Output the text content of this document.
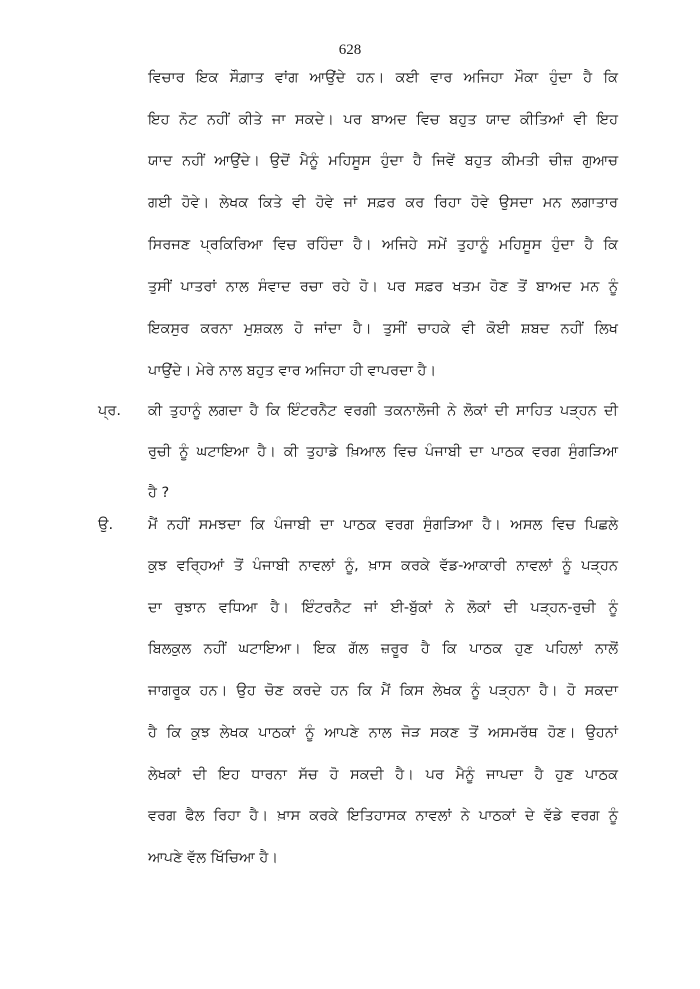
628
ਵਿਚਾਰ ਇਕ ਸੌਗ਼ਾਤ ਵਾਂਗ ਆਉਂਦੇ ਹਨ। ਕਈ ਵਾਰ ਅਜਿਹਾ ਮੌਕਾ ਹੁੰਦਾ ਹੈ ਕਿ
ਇਹ ਨੋਟ ਨਹੀਂ ਕੀਤੇ ਜਾ ਸਕਦੇ। ਪਰ ਬਾਅਦ ਵਿਚ ਬਹੁਤ ਯਾਦ ਕੀਤਿਆਂ ਵੀ ਇਹ
ਯਾਦ ਨਹੀਂ ਆਉਂਦੇ। ਉਦੋਂ ਮੈਨੂੰ ਮਹਿਸੂਸ ਹੁੰਦਾ ਹੈ ਜਿਵੇਂ ਬਹੁਤ ਕੀਮਤੀ ਚੀਜ਼ ਗੁਆਚ
ਗਈ ਹੋਵੇ। ਲੇਖਕ ਕਿਤੇ ਵੀ ਹੋਵੇ ਜਾਂ ਸਫ਼ਰ ਕਰ ਰਿਹਾ ਹੋਵੇ ਉਸਦਾ ਮਨ ਲਗਾਤਾਰ
ਸਿਰਜਣ ਪ੍ਰਕਿਰਿਆ ਵਿਚ ਰਹਿੰਦਾ ਹੈ। ਅਜਿਹੇ ਸਮੇਂ ਤੁਹਾਨੂੰ ਮਹਿਸੂਸ ਹੁੰਦਾ ਹੈ ਕਿ
ਤੁਸੀਂ ਪਾਤਰਾਂ ਨਾਲ ਸੰਵਾਦ ਰਚਾ ਰਹੇ ਹੋ। ਪਰ ਸਫ਼ਰ ਖਤਮ ਹੋਣ ਤੋਂ ਬਾਅਦ ਮਨ ਨੂੰ
ਇਕਸੁਰ ਕਰਨਾ ਮੁਸ਼ਕਲ ਹੋ ਜਾਂਦਾ ਹੈ। ਤੁਸੀਂ ਚਾਹਕੇ ਵੀ ਕੋਈ ਸ਼ਬਦ ਨਹੀਂ ਲਿਖ
ਪਾਉਂਦੇ। ਮੇਰੇ ਨਾਲ ਬਹੁਤ ਵਾਰ ਅਜਿਹਾ ਹੀ ਵਾਪਰਦਾ ਹੈ।
ਪ੍ਰ. ਕੀ ਤੁਹਾਨੂੰ ਲਗਦਾ ਹੈ ਕਿ ਇੰਟਰਨੈਟ ਵਰਗੀ ਤਕਨਾਲੋਜੀ ਨੇ ਲੋਕਾਂ ਦੀ ਸਾਹਿਤ ਪੜ੍ਹਨ ਦੀ
ਰੁਚੀ ਨੂੰ ਘਟਾਇਆ ਹੈ। ਕੀ ਤੁਹਾਡੇ ਖ਼ਿਆਲ ਵਿਚ ਪੰਜਾਬੀ ਦਾ ਪਾਠਕ ਵਰਗ ਸੁੰਗੜਿਆ
ਹੈ ?
ਉ. ਮੈਂ ਨਹੀਂ ਸਮਝਦਾ ਕਿ ਪੰਜਾਬੀ ਦਾ ਪਾਠਕ ਵਰਗ ਸੁੰਗੜਿਆ ਹੈ। ਅਸਲ ਵਿਚ ਪਿਛਲੇ
ਕੁਝ ਵਰ੍ਹਿਆਂ ਤੋਂ ਪੰਜਾਬੀ ਨਾਵਲਾਂ ਨੂੰ, ਖ਼ਾਸ ਕਰਕੇ ਵੱਡ-ਆਕਾਰੀ ਨਾਵਲਾਂ ਨੂੰ ਪੜ੍ਹਨ
ਦਾ ਰੁਝਾਨ ਵਧਿਆ ਹੈ। ਇੰਟਰਨੈਟ ਜਾਂ ਈ-ਬੁੱਕਾਂ ਨੇ ਲੋਕਾਂ ਦੀ ਪੜ੍ਹਨ-ਰੁਚੀ ਨੂੰ
ਬਿਲਕੁਲ ਨਹੀਂ ਘਟਾਇਆ। ਇਕ ਗੱਲ ਜ਼ਰੂਰ ਹੈ ਕਿ ਪਾਠਕ ਹੁਣ ਪਹਿਲਾਂ ਨਾਲੋਂ
ਜਾਗਰੂਕ ਹਨ। ਉਹ ਚੋਣ ਕਰਦੇ ਹਨ ਕਿ ਮੈਂ ਕਿਸ ਲੇਖਕ ਨੂੰ ਪੜ੍ਹਨਾ ਹੈ। ਹੋ ਸਕਦਾ
ਹੈ ਕਿ ਕੁਝ ਲੇਖਕ ਪਾਠਕਾਂ ਨੂੰ ਆਪਣੇ ਨਾਲ ਜੋੜ ਸਕਣ ਤੋਂ ਅਸਮਰੱਥ ਹੋਣ। ਉਹਨਾਂ
ਲੇਖਕਾਂ ਦੀ ਇਹ ਧਾਰਨਾ ਸੱਚ ਹੋ ਸਕਦੀ ਹੈ। ਪਰ ਮੈਨੂੰ ਜਾਪਦਾ ਹੈ ਹੁਣ ਪਾਠਕ
ਵਰਗ ਫੈਲ ਰਿਹਾ ਹੈ। ਖ਼ਾਸ ਕਰਕੇ ਇਤਿਹਾਸਕ ਨਾਵਲਾਂ ਨੇ ਪਾਠਕਾਂ ਦੇ ਵੱਡੇ ਵਰਗ ਨੂੰ
ਆਪਣੇ ਵੱਲ ਖਿੱਚਿਆ ਹੈ।
